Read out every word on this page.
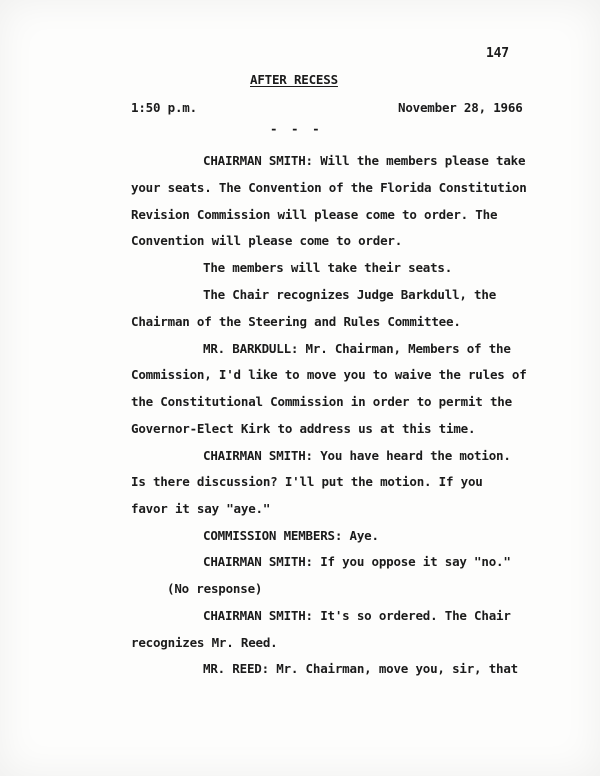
147
AFTER RECESS
1:50 p.m.	November 28, 1966
- - -
CHAIRMAN SMITH: Will the members please take
your seats. The Convention of the Florida Constitution
Revision Commission will please come to order. The
Convention will please come to order.
The members will take their seats.
The Chair recognizes Judge Barkdull, the
Chairman of the Steering and Rules Committee.
MR. BARKDULL: Mr. Chairman, Members of the
Commission, I'd like to move you to waive the rules of
the Constitutional Commission in order to permit the
Governor-Elect Kirk to address us at this time.
CHAIRMAN SMITH: You have heard the motion.
Is there discussion? I'll put the motion. If you
favor it say "aye."
COMMISSION MEMBERS: Aye.
CHAIRMAN SMITH: If you oppose it say "no."
(No response)
CHAIRMAN SMITH: It's so ordered. The Chair
recognizes Mr. Reed.
MR. REED: Mr. Chairman, move you, sir, that
